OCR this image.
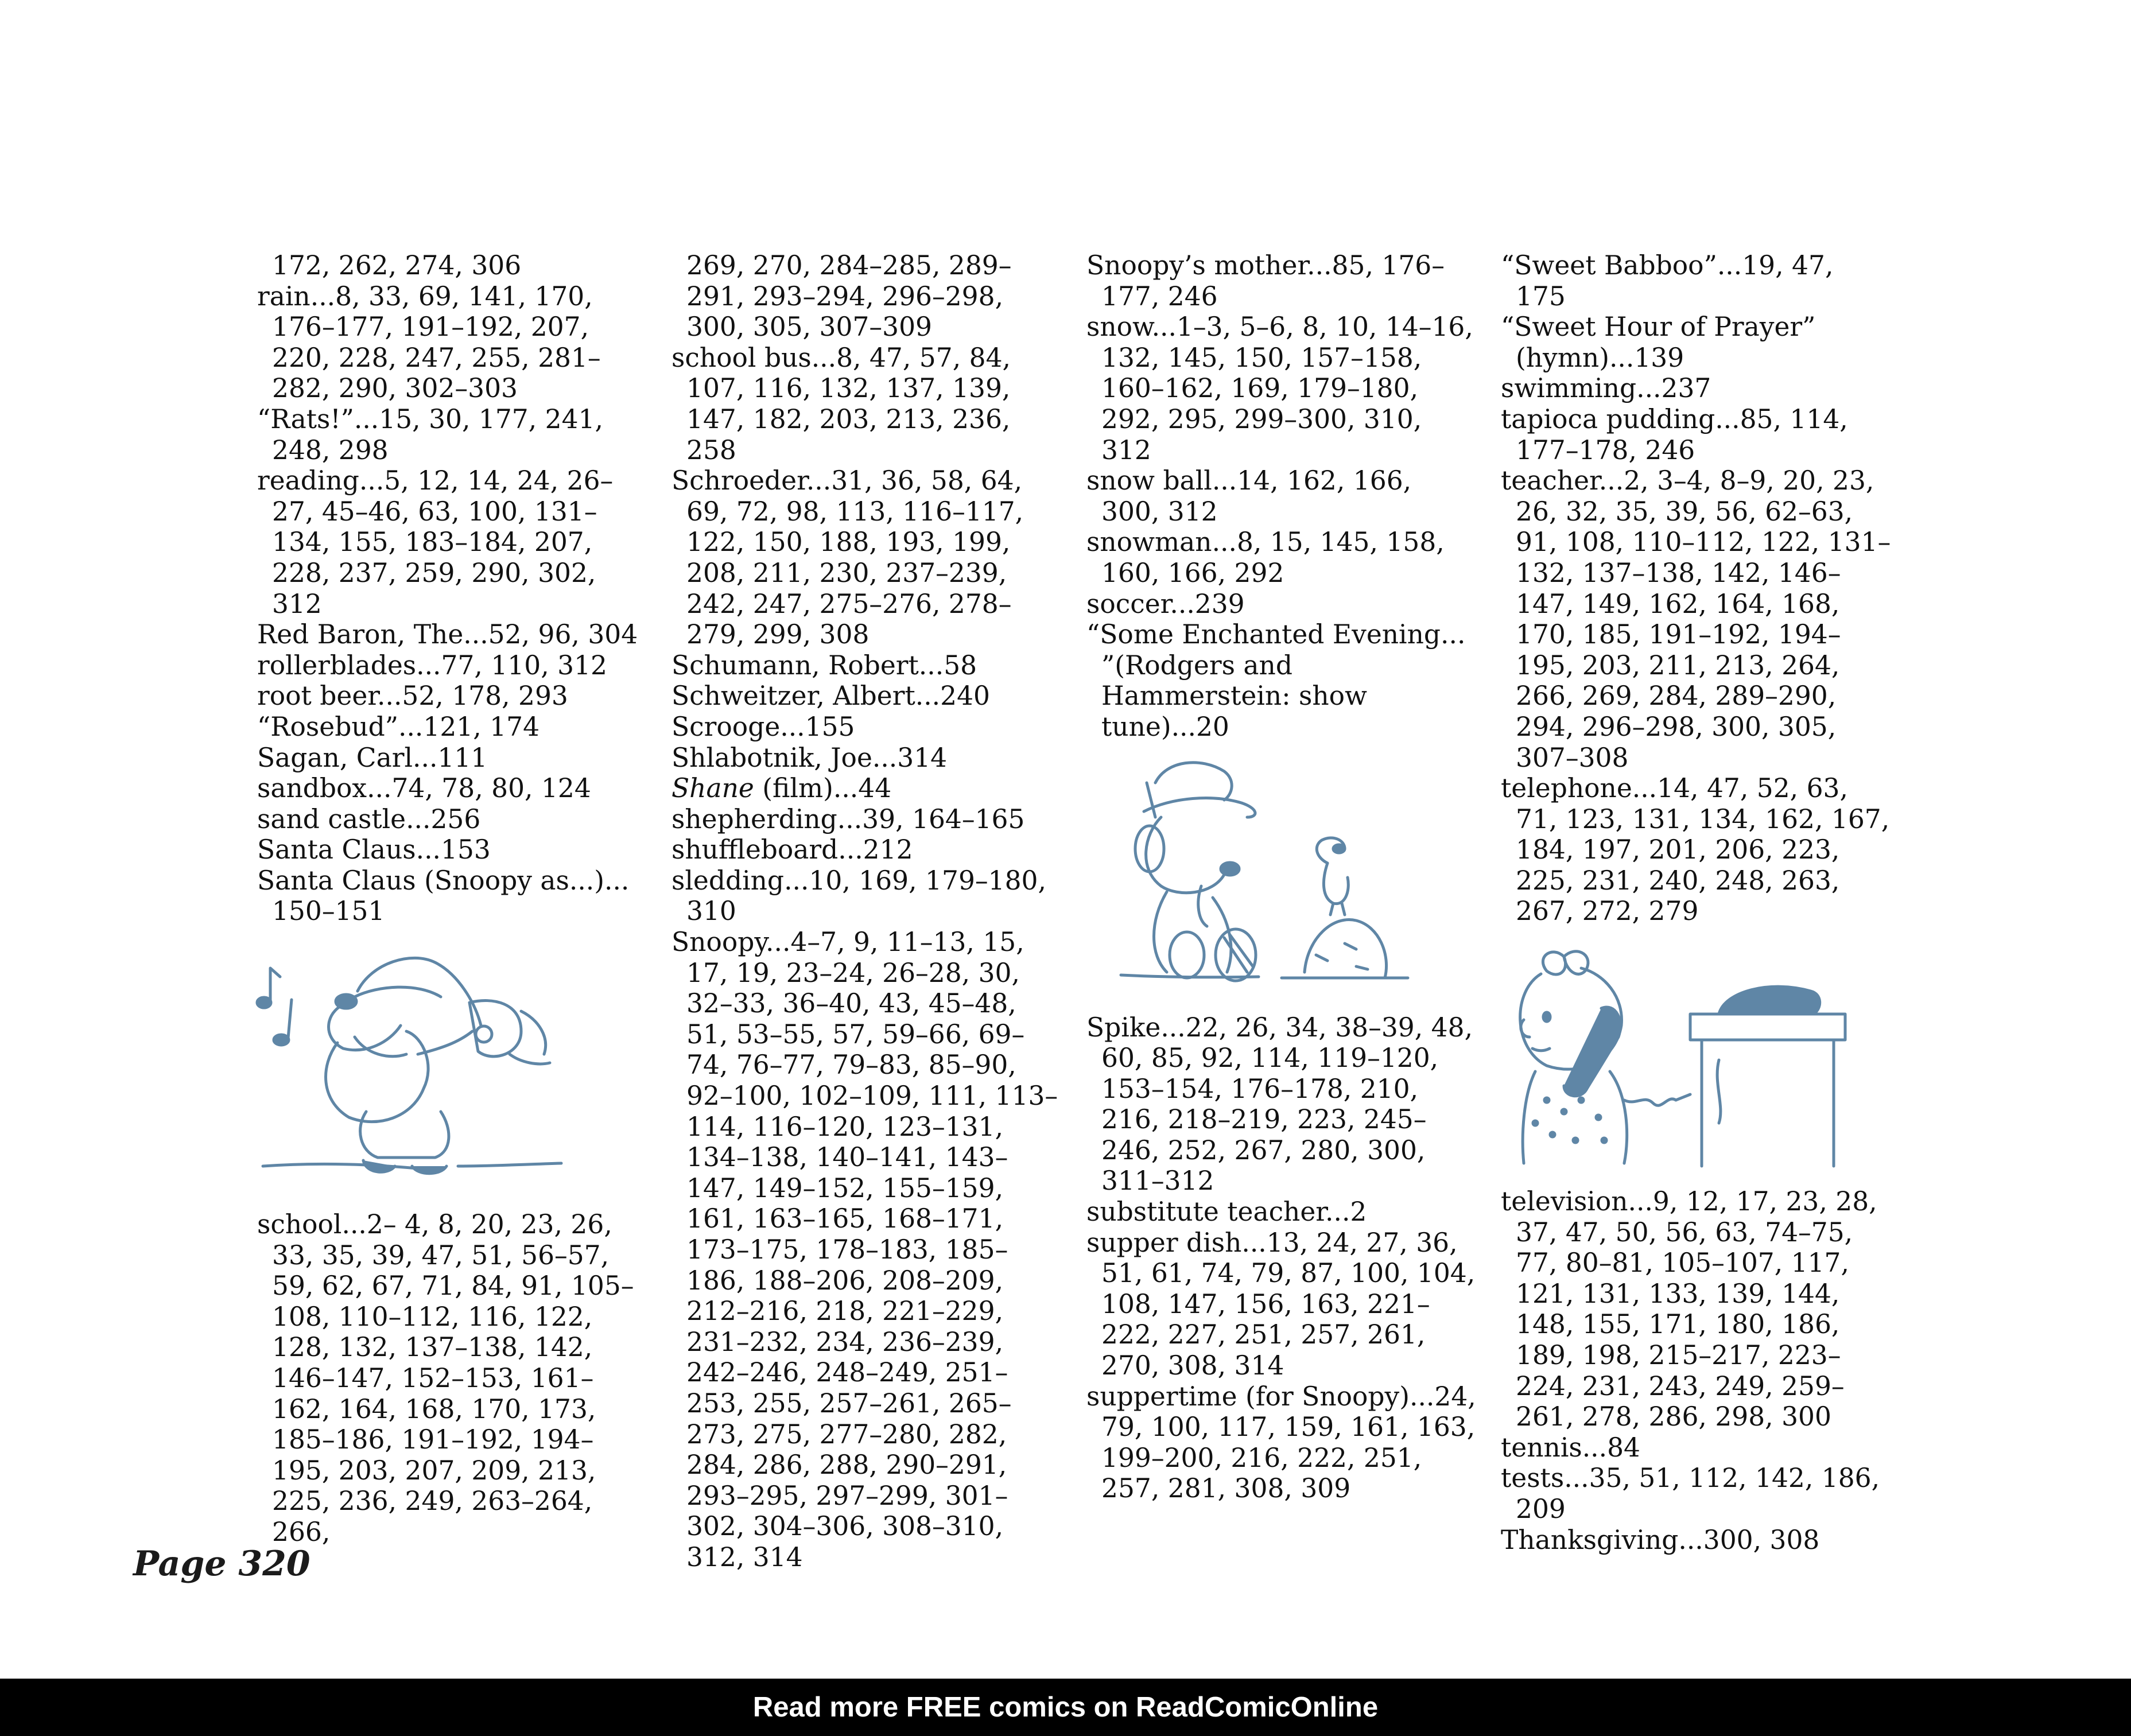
172, 262, 274, 306

rain...8, 33, 69, 141, 170, 176–177, 191–192, 207, 220, 228, 247, 255, 281–282, 290, 302–303

“Rats!”...15, 30, 177, 241, 248, 298

reading...5, 12, 14, 24, 26–27, 45–46, 63, 100, 131–134, 155, 183–184, 207, 228, 237, 259, 290, 302, 312

Red Baron, The...52, 96, 304

rollerblades...77, 110, 312

root beer...52, 178, 293

“Rosebud”...121, 174

Sagan, Carl...111

sandbox...74, 78, 80, 124

sand castle...256

Santa Claus...153

Santa Claus (Snoopy as...)... 150–151

school...2– 4, 8, 20, 23, 26, 33, 35, 39, 47, 51, 56–57, 59, 62, 67, 71, 84, 91, 105–108, 110–112, 116, 122, 128, 132, 137–138, 142, 146–147, 152–153, 161–162, 164, 168, 170, 173, 185–186, 191–192, 194–195, 203, 207, 209, 213, 225, 236, 249, 263–264, 266,

269, 270, 284–285, 289–291, 293–294, 296–298, 300, 305, 307–309

school bus...8, 47, 57, 84, 107, 116, 132, 137, 139, 147, 182, 203, 213, 236, 258

Schroeder...31, 36, 58, 64, 69, 72, 98, 113, 116–117, 122, 150, 188, 193, 199, 208, 211, 230, 237–239, 242, 247, 275–276, 278–279, 299, 308

Schumann, Robert...58

Schweitzer, Albert...240

Scrooge...155

Shlabotnik, Joe...314

Shane (film)...44

shepherding...39, 164–165

shuffleboard...212

sledding...10, 169, 179–180, 310

Snoopy...4–7, 9, 11–13, 15, 17, 19, 23–24, 26–28, 30, 32–33, 36–40, 43, 45–48, 51, 53–55, 57, 59–66, 69–74, 76–77, 79–83, 85–90, 92–100, 102–109, 111, 113– 114, 116–120, 123–131, 134–138, 140–141, 143–147, 149–152, 155–159, 161, 163–165, 168–171, 173–175, 178–183, 185–186, 188–206, 208–209, 212–216, 218, 221–229, 231–232, 234, 236–239, 242–246, 248–249, 251–253, 255, 257–261, 265–273, 275, 277–280, 282, 284, 286, 288, 290–291, 293–295, 297–299, 301–302, 304–306, 308–310, 312, 314

Snoopy’s mother...85, 176– 177, 246

snow...1–3, 5–6, 8, 10, 14–16, 132, 145, 150, 157–158, 160–162, 169, 179–180, 292, 295, 299–300, 310, 312

snow ball...14, 162, 166, 300, 312

snowman...8, 15, 145, 158, 160, 166, 292

soccer...239

“Some Enchanted Evening... ”(Rodgers and Hammerstein: show tune)...20

Spike...22, 26, 34, 38–39, 48, 60, 85, 92, 114, 119–120, 153–154, 176–178, 210, 216, 218–219, 223, 245–246, 252, 267, 280, 300, 311–312

substitute teacher...2

supper dish...13, 24, 27, 36, 51, 61, 74, 79, 87, 100, 104, 108, 147, 156, 163, 221–222, 227, 251, 257, 261, 270, 308, 314

suppertime (for Snoopy)...24, 79, 100, 117, 159, 161, 163, 199–200, 216, 222, 251, 257, 281, 308, 309

“Sweet Babboo”...19, 47, 175

“Sweet Hour of Prayer” (hymn)...139

swimming...237

tapioca pudding...85, 114, 177–178, 246

teacher...2, 3–4, 8–9, 20, 23, 26, 32, 35, 39, 56, 62–63, 91, 108, 110–112, 122, 131–132, 137–138, 142, 146–147, 149, 162, 164, 168, 170, 185, 191–192, 194–195, 203, 211, 213, 264, 266, 269, 284, 289–290, 294, 296–298, 300, 305, 307–308

telephone...14, 47, 52, 63, 71, 123, 131, 134, 162, 167, 184, 197, 201, 206, 223, 225, 231, 240, 248, 263, 267, 272, 279

television...9, 12, 17, 23, 28, 37, 47, 50, 56, 63, 74–75, 77, 80–81, 105–107, 117, 121, 131, 133, 139, 144, 148, 155, 171, 180, 186, 189, 198, 215–217, 223–224, 231, 243, 249, 259–261, 278, 286, 298, 300

tennis...84

tests...35, 51, 112, 142, 186, 209

Thanksgiving...300, 308

Page 320
Read more FREE comics on ReadComicOnline
